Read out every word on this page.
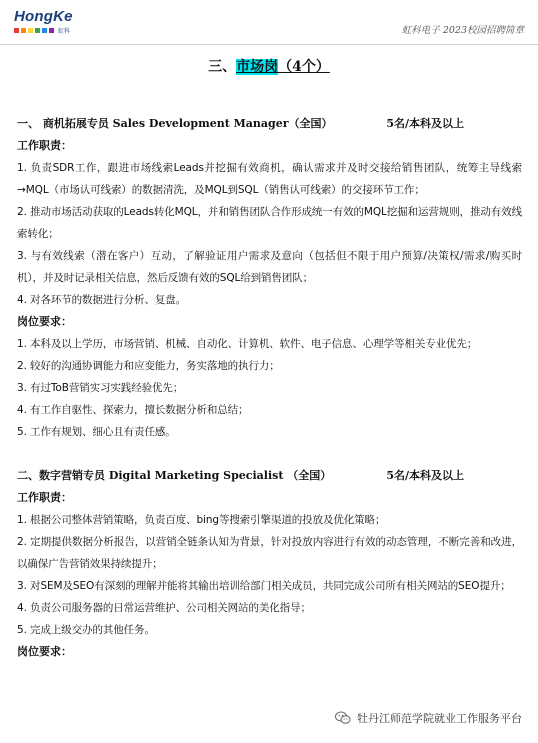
HongKe
虹科	虹科电子 2023校园招聘简章
三、市场岗（4个）
一、 商机拓展专员 Sales Development Manager（全国）	5名/本科及以上
工作职责：

1. 负责SDR工作，跟进市场线索Leads并挖掘有效商机，确认需求并及时交接给销售团队，统筹主导线索→MQL（市场认可线索）的数据清洗，及MQL到SQL（销售认可线索）的交接环节工作；

2. 推动市场活动获取的Leads转化MQL，并和销售团队合作形成统一有效的MQL挖掘和运营规则，推动有效线索转化；

3. 与有效线索（潜在客户）互动，了解验证用户需求及意向（包括但不限于用户预算/决策权/需求/购买时机），并及时记录相关信息，然后反馈有效的SQL给到销售团队；

4. 对各环节的数据进行分析、复盘。

岗位要求：

1. 本科及以上学历，市场营销、机械、自动化、计算机、软件、电子信息、心理学等相关专业优先；

2. 较好的沟通协调能力和应变能力，务实落地的执行力；

3. 有过ToB营销实习实践经验优先；

4. 有工作自驱性、探索力，擅长数据分析和总结；

5. 工作有规划、细心且有责任感。

二、数字营销专员 Digital Marketing Specialist （全国）	5名/本科及以上
工作职责：

1. 根据公司整体营销策略，负责百度、bing等搜索引擎渠道的投放及优化策略；

2. 定期提供数据分析报告，以营销全链条认知为背景，针对投放内容进行有效的动态管理，不断完善和改进，以确保广告营销效果持续提升；

3. 对SEM及SEO有深刻的理解并能将其输出培训给部门相关成员，共同完成公司所有相关网站的SEO提升；

4. 负责公司服务器的日常运营维护、公司相关网站的美化指导；

5. 完成上级交办的其他任务。

岗位要求：
牡丹江师范学院就业工作服务平台
